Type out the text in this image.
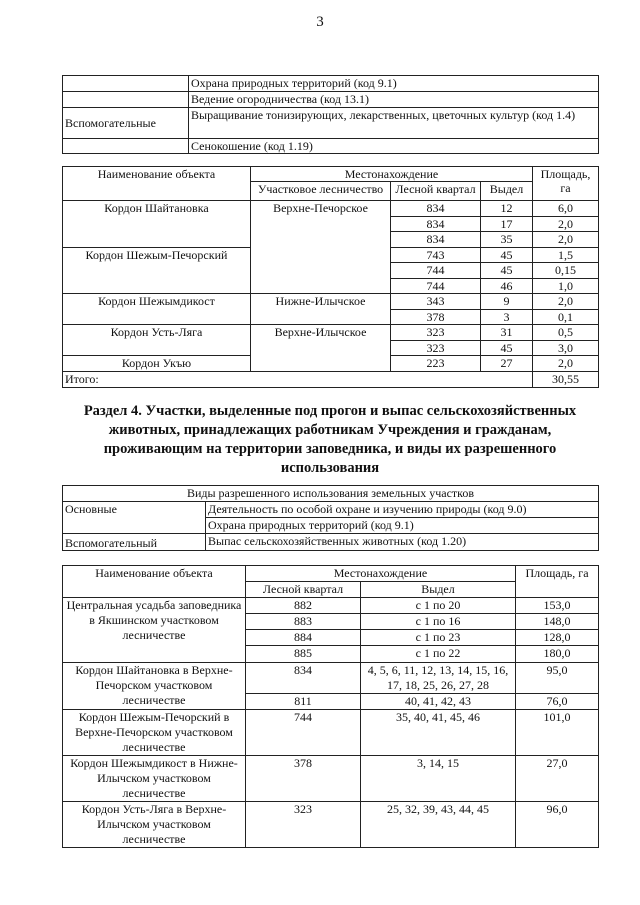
3
	Охрана природных территорий (код 9.1)
	Ведение огородничества (код 13.1)
Вспомогательные	Выращивание тонизирующих, лекарственных, цветочных культур (код 1.4)
	Сенокошение (код 1.19)
Наименование объекта	Местонахождение			Площадь, га
	Участковое лесничество	Лесной квартал	Выдел	
Кордон Шайтановка	Верхне-Печорское	834	12	6,0
		834	17	2,0
		834	35	2,0
Кордон Шежым-Печорский		743	45	1,5
		744	45	0,15
		744	46	1,0
Кордон Шежымдикост	Нижне-Илычское	343	9	2,0
		378	3	0,1
Кордон Усть-Ляга	Верхне-Илычское	323	31	0,5
		323	45	3,0
Кордон Укъю		223	27	2,0
Итого:				30,55
Раздел 4. Участки, выделенные под прогон и выпас сельскохозяйственных животных, принадлежащих работникам Учреждения и гражданам, проживающим на территории заповедника, и виды их разрешенного использования
Виды разрешенного использования земельных участков	
Основные	Деятельность по особой охране и изучению природы (код 9.0)
	Охрана природных территорий (код 9.1)
Вспомогательный	Выпас сельскохозяйственных животных (код 1.20)
Наименование объекта	Местонахождение		Площадь, га
	Лесной квартал	Выдел	
Центральная усадьба заповедника в Якшинском участковом лесничестве	882	с 1 по 20	153,0
	883	с 1 по 16	148,0
	884	с 1 по 23	128,0
	885	с 1 по 22	180,0
Кордон Шайтановка в Верхне-Печорском участковом лесничестве	834	4, 5, 6, 11, 12, 13, 14, 15, 16, 17, 18, 25, 26, 27, 28	95,0
	811	40, 41, 42, 43	76,0
Кордон Шежым-Печорский в Верхне-Печорском участковом лесничестве	744	35, 40, 41, 45, 46	101,0
Кордон Шежымдикост в Нижне-Илычском участковом лесничестве	378	3, 14, 15	27,0
Кордон Усть-Ляга в Верхне-Илычском участковом лесничестве	323	25, 32, 39, 43, 44, 45	96,0
